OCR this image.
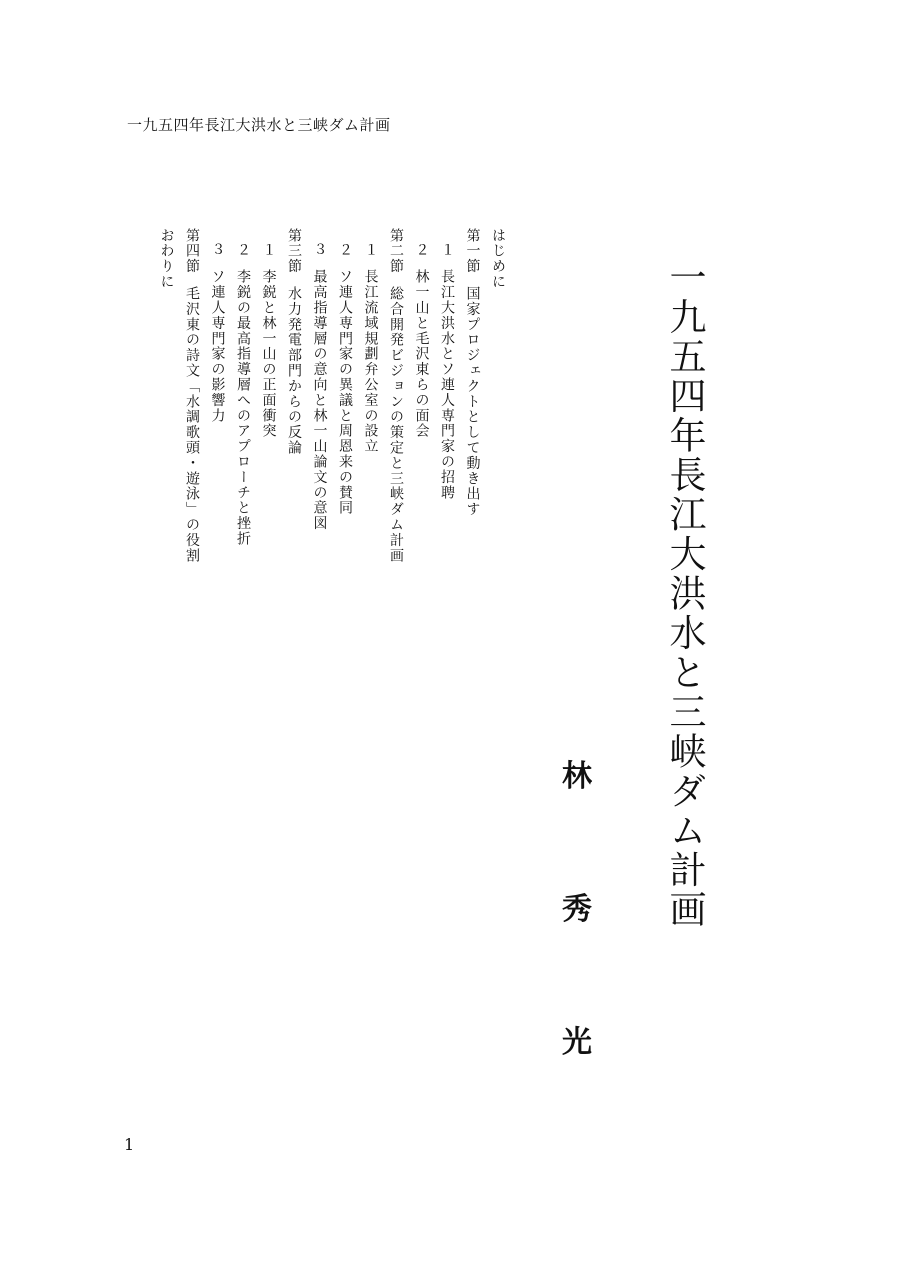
一九五四年長江大洪水と三峡ダム計画
一九五四年長江大洪水と三峡ダム計画
林
秀
光
はじめに
第一節国家プロジェクトとして動き出す
１長江大洪水とソ連人専門家の招聘
２林一山と毛沢東らの面会
第二節総合開発ビジョンの策定と三峡ダム計画
１長江流域規劃弁公室の設立
２ソ連人専門家の異議と周恩来の賛同
３最高指導層の意向と林一山論文の意図
第三節水力発電部門からの反論
１李鋭と林一山の正面衝突
２李鋭の最高指導層へのアプローチと挫折
３ソ連人専門家の影響力
第四節毛沢東の詩文「水調歌頭・遊泳」の役割
おわりに
1
